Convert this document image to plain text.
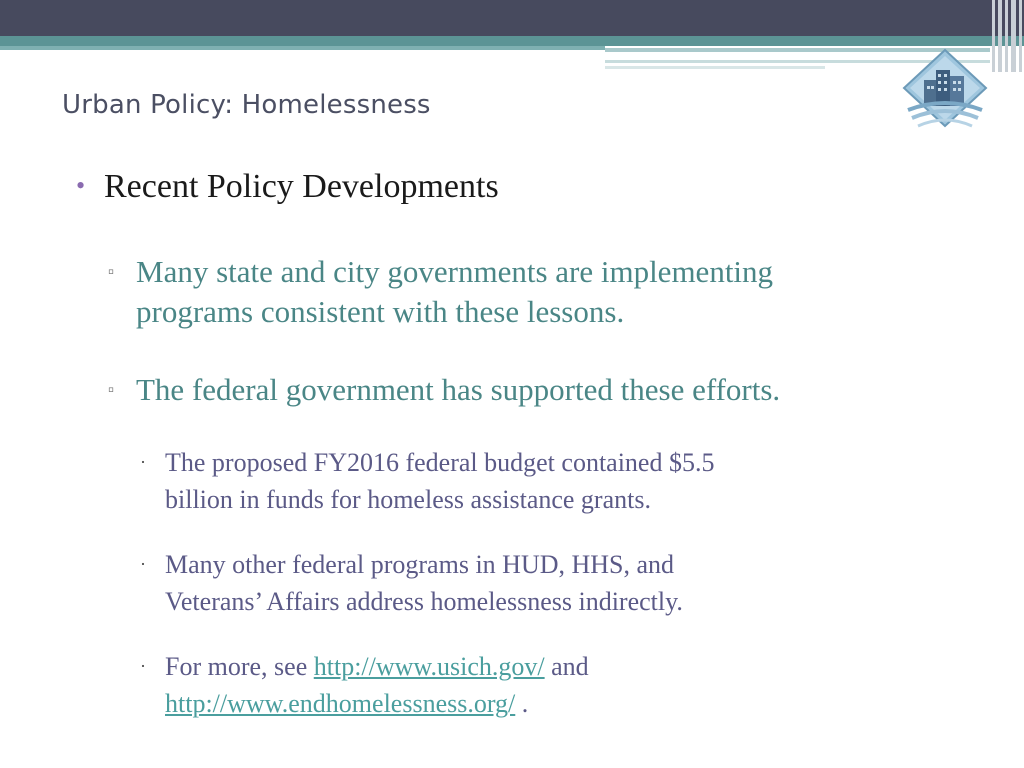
Urban Policy: Homelessness
• Recent Policy Developments
▫ Many state and city governments are implementing
programs consistent with these lessons.
▫ The federal government has supported these efforts.
· The proposed FY2016 federal budget contained $5.5
billion in funds for homeless assistance grants.
· Many other federal programs in HUD, HHS, and
Veterans’ Affairs address homelessness indirectly.
· For more, see http://www.usich.gov/ and
http://www.endhomelessness.org/ .
